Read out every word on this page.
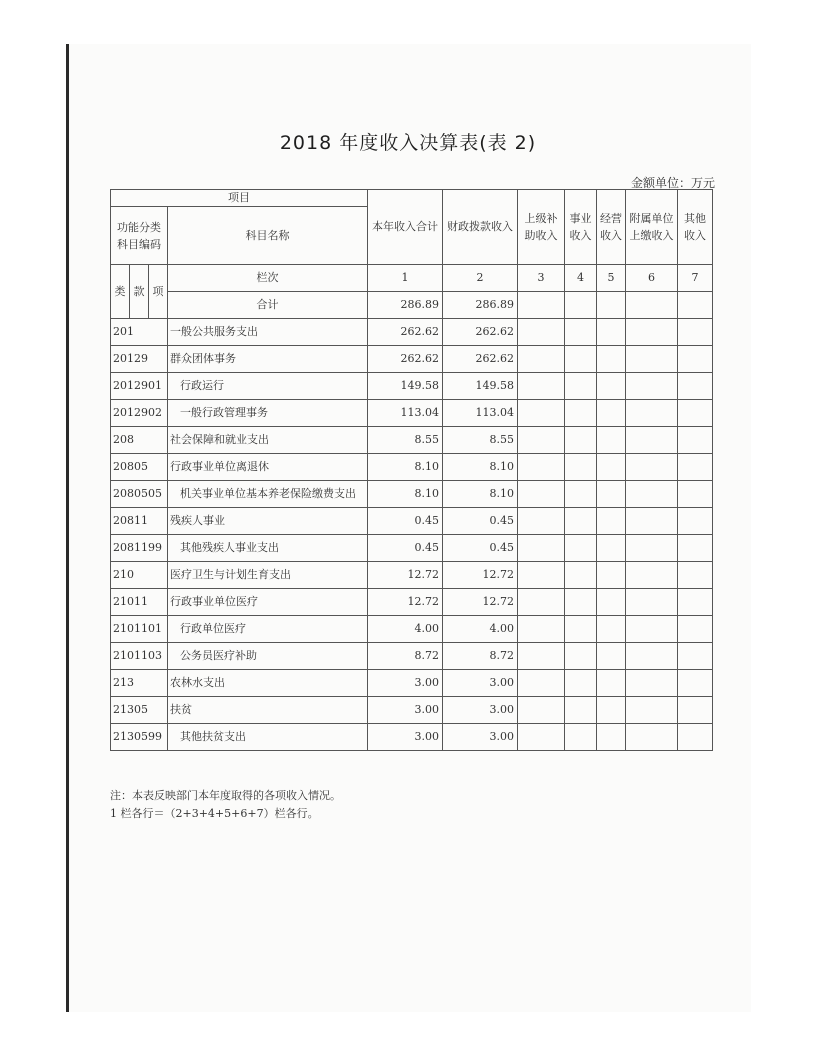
2018 年度收入决算表(表 2)
金额单位：万元
项目				本年收入合计	财政拨款收入	上级补助收入	事业收入	经营收入	附属单位上缴收入	其他收入
功能分类科目编码			科目名称							
类	款	项	栏次	1	2	3	4	5	6	7
			合计	286.89	286.89					
201			一般公共服务支出	262.62	262.62					
20129			群众团体事务	262.62	262.62					
2012901			行政运行	149.58	149.58					
2012902			一般行政管理事务	113.04	113.04					
208			社会保障和就业支出	8.55	8.55					
20805			行政事业单位离退休	8.10	8.10					
2080505			机关事业单位基本养老保险缴费支出	8.10	8.10					
20811			残疾人事业	0.45	0.45					
2081199			其他残疾人事业支出	0.45	0.45					
210			医疗卫生与计划生育支出	12.72	12.72					
21011			行政事业单位医疗	12.72	12.72					
2101101			行政单位医疗	4.00	4.00					
2101103			公务员医疗补助	8.72	8.72					
213			农林水支出	3.00	3.00					
21305			扶贫	3.00	3.00					
2130599			其他扶贫支出	3.00	3.00					
注：本表反映部门本年度取得的各项收入情况。
1 栏各行＝（2+3+4+5+6+7）栏各行。
